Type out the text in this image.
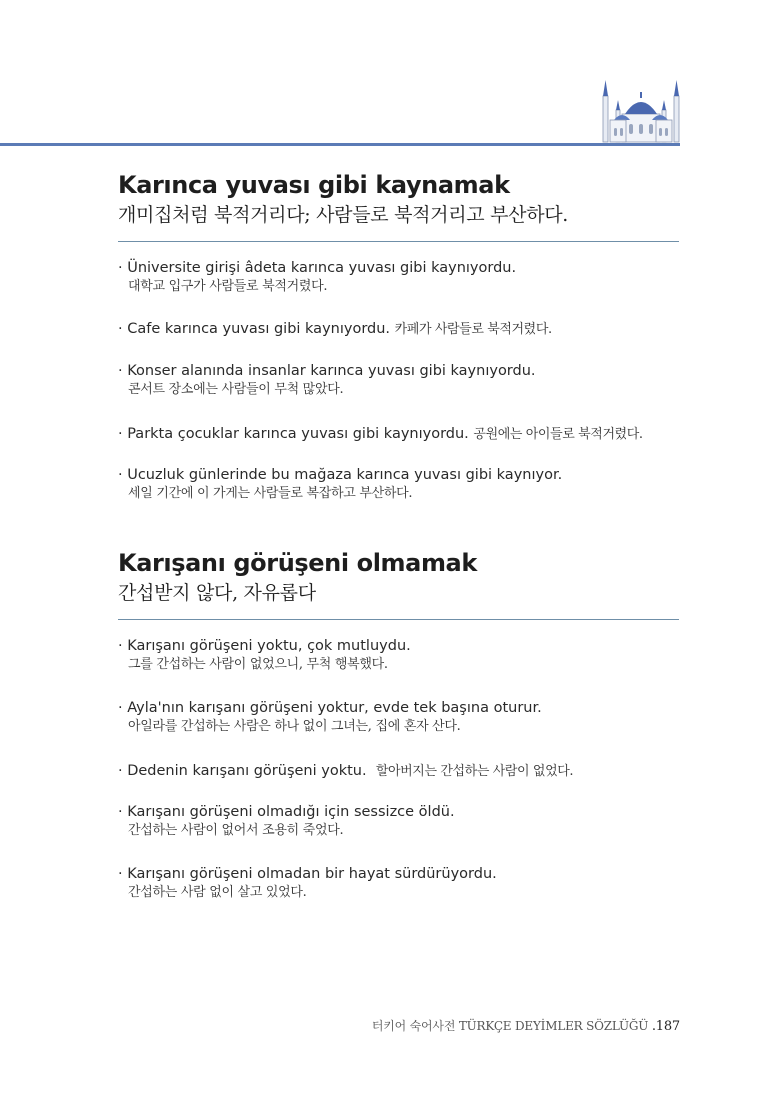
Karınca yuvası gibi kaynamak
개미집처럼 북적거리다; 사람들로 북적거리고 부산하다.
· Üniversite girişi âdeta karınca yuvası gibi kaynıyordu.
대학교 입구가 사람들로 북적거렸다.
· Cafe karınca yuvası gibi kaynıyordu. 카페가 사람들로 북적거렸다.
· Konser alanında insanlar karınca yuvası gibi kaynıyordu.
콘서트 장소에는 사람들이 무척 많았다.
· Parkta çocuklar karınca yuvası gibi kaynıyordu. 공원에는 아이들로 북적거렸다.
· Ucuzluk günlerinde bu mağaza karınca yuvası gibi kaynıyor.
세일 기간에 이 가게는 사람들로 복잡하고 부산하다.
Karışanı görüşeni olmamak
간섭받지 않다, 자유롭다
· Karışanı görüşeni yoktu, çok mutluydu.
그를 간섭하는 사람이 없었으니, 무척 행복했다.
· Ayla'nın karışanı görüşeni yoktur, evde tek başına oturur.
아일라를 간섭하는 사람은 하나 없이 그녀는, 집에 혼자 산다.
· Dedenin karışanı görüşeni yoktu. 할아버지는 간섭하는 사람이 없었다.
· Karışanı görüşeni olmadığı için sessizce öldü.
간섭하는 사람이 없어서 조용히 죽었다.
· Karışanı görüşeni olmadan bir hayat sürdürüyordu.
간섭하는 사람 없이 살고 있었다.
터키어 숙어사전 TÜRKÇE DEYİMLER SÖZLÜĞÜ .187
